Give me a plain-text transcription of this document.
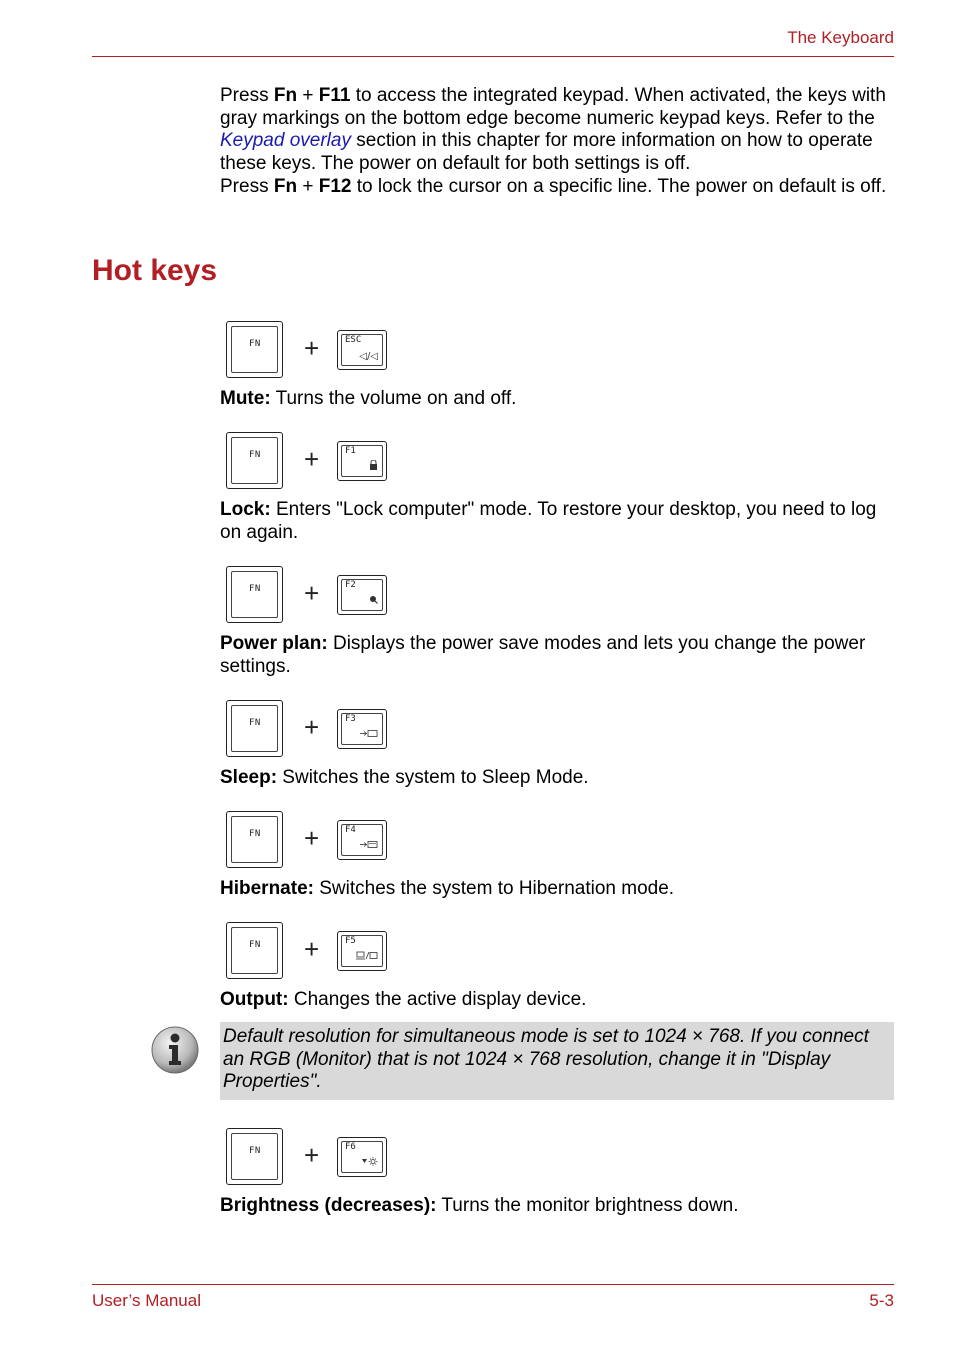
The Keyboard

Press Fn + F11 to access the integrated keypad. When activated, the keys with gray markings on the bottom edge become numeric keypad keys. Refer to the Keypad overlay section in this chapter for more information on how to operate these keys. The power on default for both settings is off.

Press Fn + F12 to lock the cursor on a specific line. The power on default is off.

Hot keys
FN +	ESC
◁/◁

Mute: Turns the volume on and off.

FN +	F1

Lock: Enters "Lock computer" mode. To restore your desktop, you need to log on again.

FN +	F2

Power plan: Displays the power save modes and lets you change the power settings.

FN +	F3

Sleep: Switches the system to Sleep Mode.

FN +	F4

Hibernate: Switches the system to Hibernation mode.

FN +	F5

Output: Changes the active display device.

Default resolution for simultaneous mode is set to 1024 × 768. If you connect an RGB (Monitor) that is not 1024 × 768 resolution, change it in "Display Properties".
FN +	F6

Brightness (decreases): Turns the monitor brightness down.

User’s Manual	5-3
